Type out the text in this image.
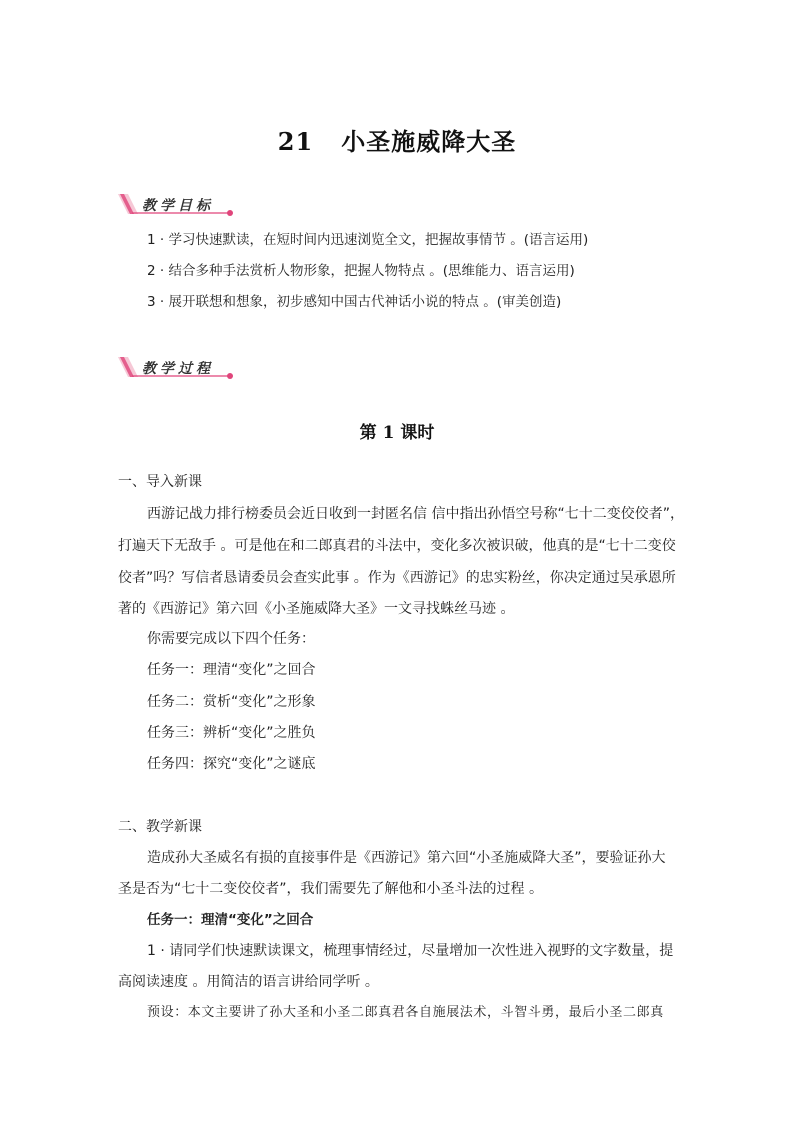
21 小圣施威降大圣
教学目标
1 · 学习快速默读，在短时间内迅速浏览全文，把握故事情节 。(语言运用)
2 · 结合多种手法赏析人物形象，把握人物特点 。(思维能力、语言运用)
3 · 展开联想和想象，初步感知中国古代神话小说的特点 。(审美创造)
教学过程
第 1 课时
一、导入新课
西游记战力排行榜委员会近日收到一封匿名信 信中指出孙悟空号称“七十二变佼佼者”，
打遍天下无敌手 。可是他在和二郎真君的斗法中，变化多次被识破，他真的是“七十二变佼
佼者”吗？写信者恳请委员会查实此事 。作为《西游记》的忠实粉丝，你决定通过吴承恩所
著的《西游记》第六回《小圣施威降大圣》一文寻找蛛丝马迹 。
你需要完成以下四个任务：
任务一：理清“变化”之回合
任务二：赏析“变化”之形象
任务三：辨析“变化”之胜负
任务四：探究“变化”之谜底
二、教学新课
造成孙大圣威名有损的直接事件是《西游记》第六回“小圣施威降大圣”，要验证孙大
圣是否为“七十二变佼佼者”，我们需要先了解他和小圣斗法的过程 。
任务一：理清“变化”之回合
1 · 请同学们快速默读课文，梳理事情经过，尽量增加一次性进入视野的文字数量，提
高阅读速度 。用简洁的语言讲给同学听 。
预设：本文主要讲了孙大圣和小圣二郎真君各自施展法术，斗智斗勇，最后小圣二郎真
